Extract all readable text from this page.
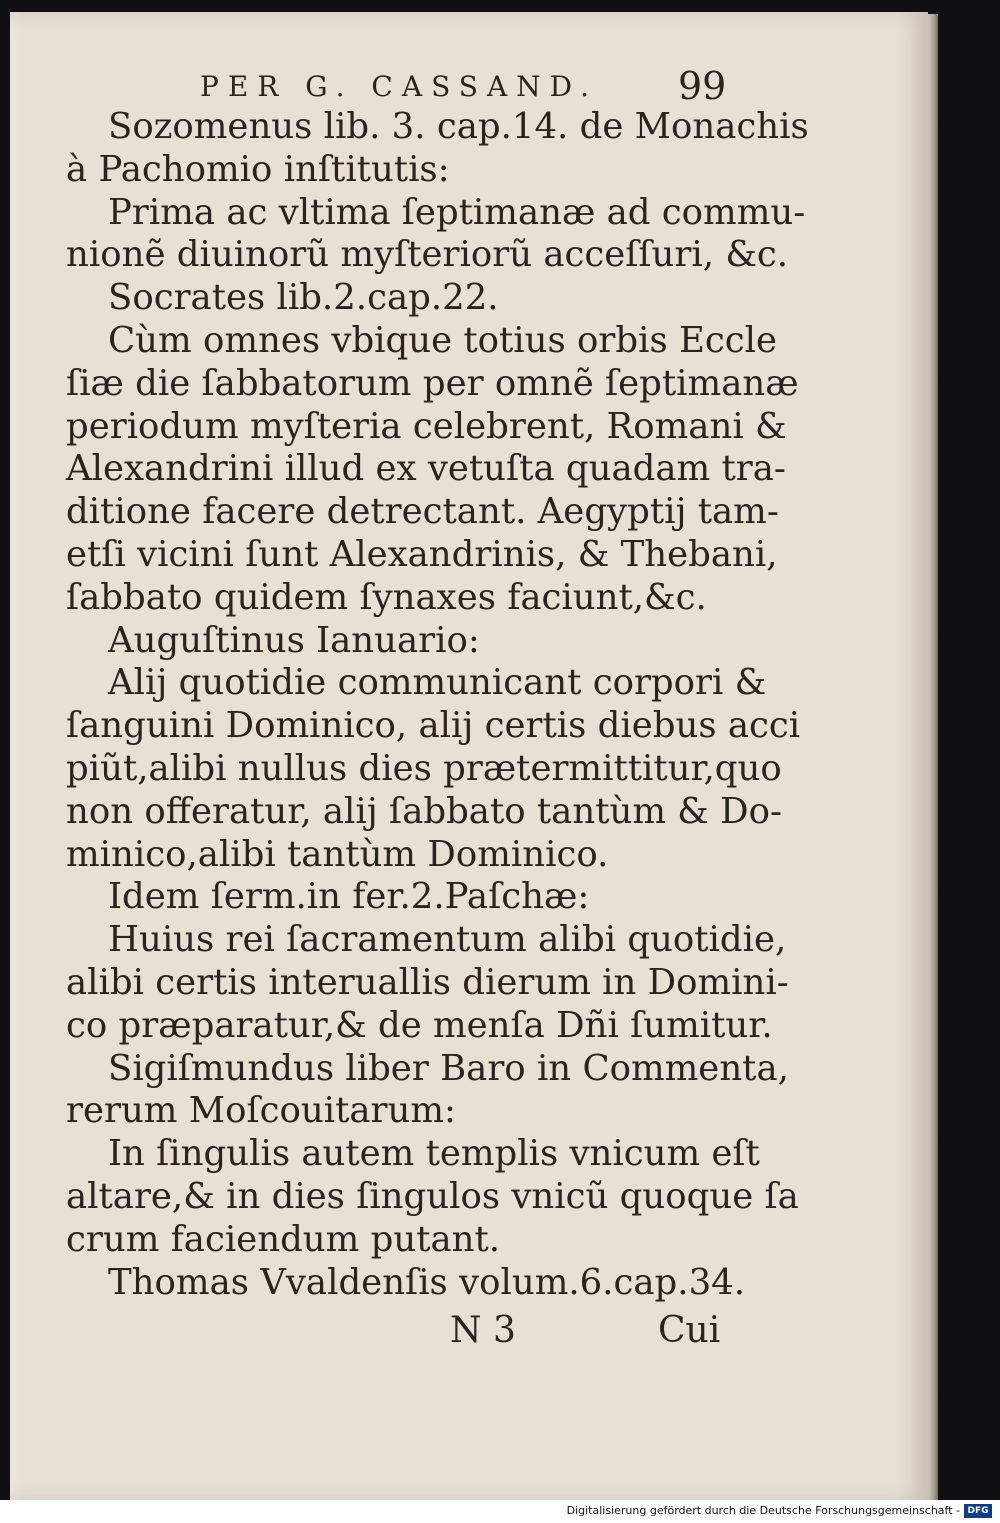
PER G. CASSAND. 99
Sozomenus lib. 3. cap.14. de Monachis
à Pachomio inſtitutis:
Prima ac vltima ſeptimanæ ad commu-
nionẽ diuinorũ myſteriorũ acceſſuri, &c.
Socrates lib.2.cap.22.
Cùm omnes vbique totius orbis Eccle
ſiæ die ſabbatorum per omnẽ ſeptimanæ
periodum myſteria celebrent, Romani &
Alexandrini illud ex vetuſta quadam tra-
ditione facere detrectant. Aegyptij tam-
etſi vicini ſunt Alexandrinis, & Thebani,
ſabbato quidem ſynaxes faciunt,&c.
Auguſtinus Ianuario:
Alij quotidie communicant corpori &
ſanguini Dominico, alij certis diebus acci
piũt,alibi nullus dies prætermittitur,quo
non offeratur, alij ſabbato tantùm & Do-
minico,alibi tantùm Dominico.
Idem ſerm.in fer.2.Paſchæ:
Huius rei ſacramentum alibi quotidie,
alibi certis interuallis dierum in Domini-
co præparatur,& de menſa Dñi ſumitur.
Sigiſmundus liber Baro in Commenta,
rerum Moſcouitarum:
In ſingulis autem templis vnicum eſt
altare,& in dies ſingulos vnicũ quoque ſa
crum faciendum putant.
Thomas Vvaldenſis volum.6.cap.34.
N 3	Cui
Digitalisierung gefördert durch die Deutsche Forschungsgemeinschaft - DFG
